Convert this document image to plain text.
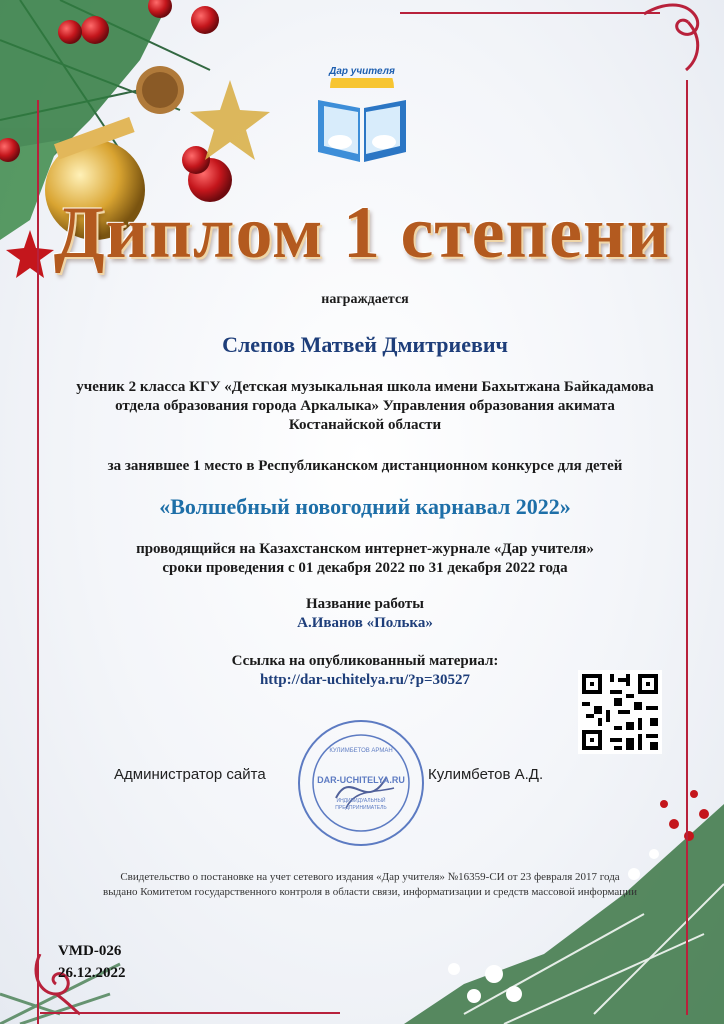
Дар учителя
Диплом 1 степени
награждается
Слепов Матвей Дмитриевич
ученик 2 класса КГУ «Детская музыкальная школа имени Бахытжана Байкадамова
отдела образования города Аркалыка» Управления образования акимата
Костанайской области
за занявшее 1 место в Республиканском дистанционном конкурсе для детей
«Волшебный новогодний карнавал 2022»
проводящийся на Казахстанском интернет-журнале «Дар учителя»
сроки проведения с 01 декабря 2022 по 31 декабря 2022 года
Название работы
А.Иванов «Полька»
Ссылка на опубликованный материал:
http://dar-uchitelya.ru/?p=30527
Администратор сайта	Кулимбетов А.Д.
КУЛИМБЕТОВ АРМАН
DAR-UCHITELYA.RU
ИНДИВИДУАЛЬНЫЙ ПРЕДПРИНИМАТЕЛЬ
Свидетельство о постановке на учет сетевого издания «Дар учителя» №16359-СИ от 23 февраля 2017 года
выдано Комитетом государственного контроля в области связи, информатизации и средств массовой информации
VMD-026
26.12.2022
